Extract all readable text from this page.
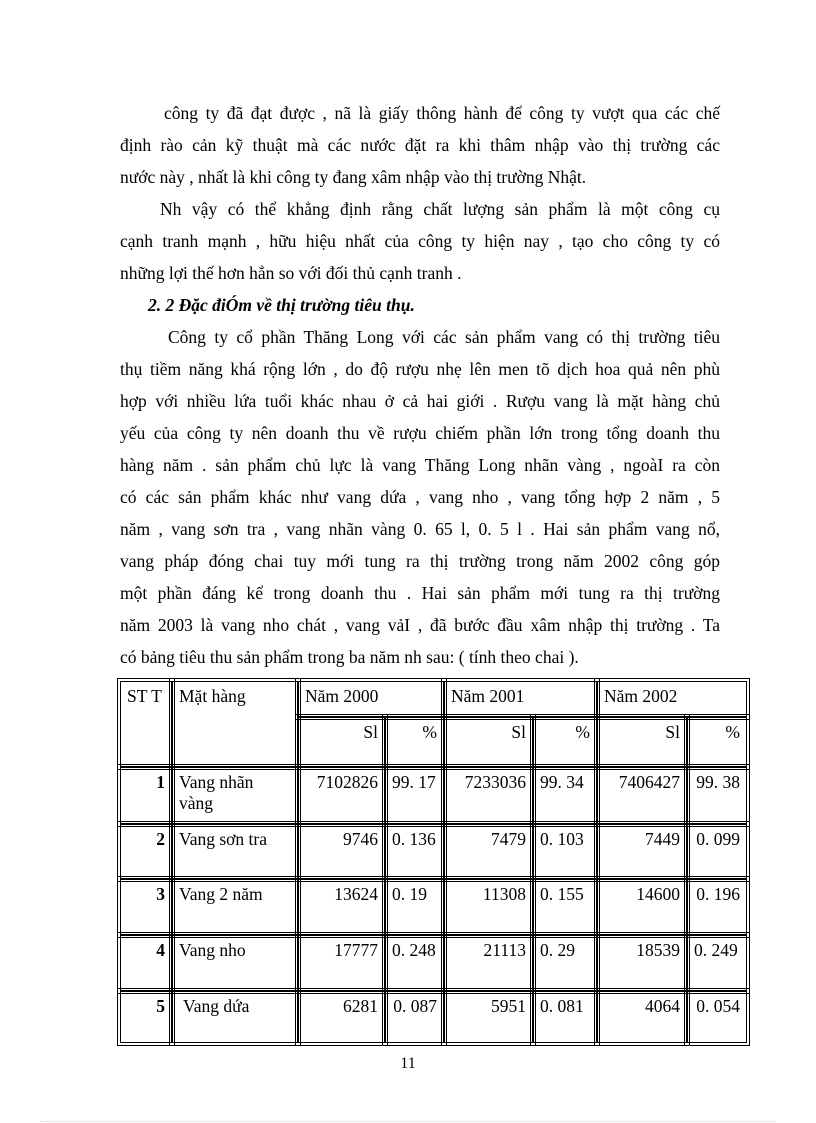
công ty đã đạt được , nã là giấy thông hành để công ty vượt qua các chế
định rào cản kỹ thuật mà các nước đặt ra khi thâm nhập vào thị trường các
nước này , nhất là khi công ty đang xâm nhập vào thị trường Nhật.
Nh vậy có thể khẳng định rằng chất lượng sản phẩm là một công cụ
cạnh tranh mạnh , hữu hiệu nhất của công ty hiện nay , tạo cho công ty có
những lợi thế hơn hẳn so với đối thủ cạnh tranh .
2. 2 Đặc điÓm về thị trường tiêu thụ.
Công ty cổ phần Thăng Long với các sản phẩm vang có thị trường tiêu
thụ tiềm năng khá rộng lớn , do độ rượu nhẹ lên men tõ dịch hoa quả nên phù
hợp với nhiều lứa tuổi khác nhau ở cả hai giới . Rượu vang là mặt hàng chủ
yếu của công ty nên doanh thu về rượu chiếm phần lớn trong tổng doanh thu
hàng năm . sản phẩm chủ lực là vang Thăng Long nhãn vàng , ngoàI ra còn
có các sản phẩm khác như vang dứa , vang nho , vang tổng hợp 2 năm , 5
năm , vang sơn tra , vang nhãn vàng 0. 65 l, 0. 5 l . Hai sản phẩm vang nổ,
vang pháp đóng chai tuy mới tung ra thị trường trong năm 2002 công góp
một phần đáng kể trong doanh thu . Hai sản phẩm mới tung ra thị trường
năm 2003 là vang nho chát , vang vảI , đã bước đầu xâm nhập thị trường . Ta
có bảng tiêu thu sản phẩm trong ba năm nh sau: ( tính theo chai ).
ST T	Mặt hàng	Năm 2000		Năm 2001		Năm 2002	
		Sl	%	Sl	%	Sl	%
1	Vang nhãn vàng	7102826	99. 17	7233036	99. 34	7406427	99. 38
2	Vang sơn tra	9746	0. 136	7479	0. 103	7449	0. 099
3	Vang 2 năm	13624	0. 19	11308	0. 155	14600	0. 196
4	Vang nho	17777	0. 248	21113	0. 29	18539	0. 249
5	Vang dứa	6281	0. 087	5951	0. 081	4064	0. 054
11
